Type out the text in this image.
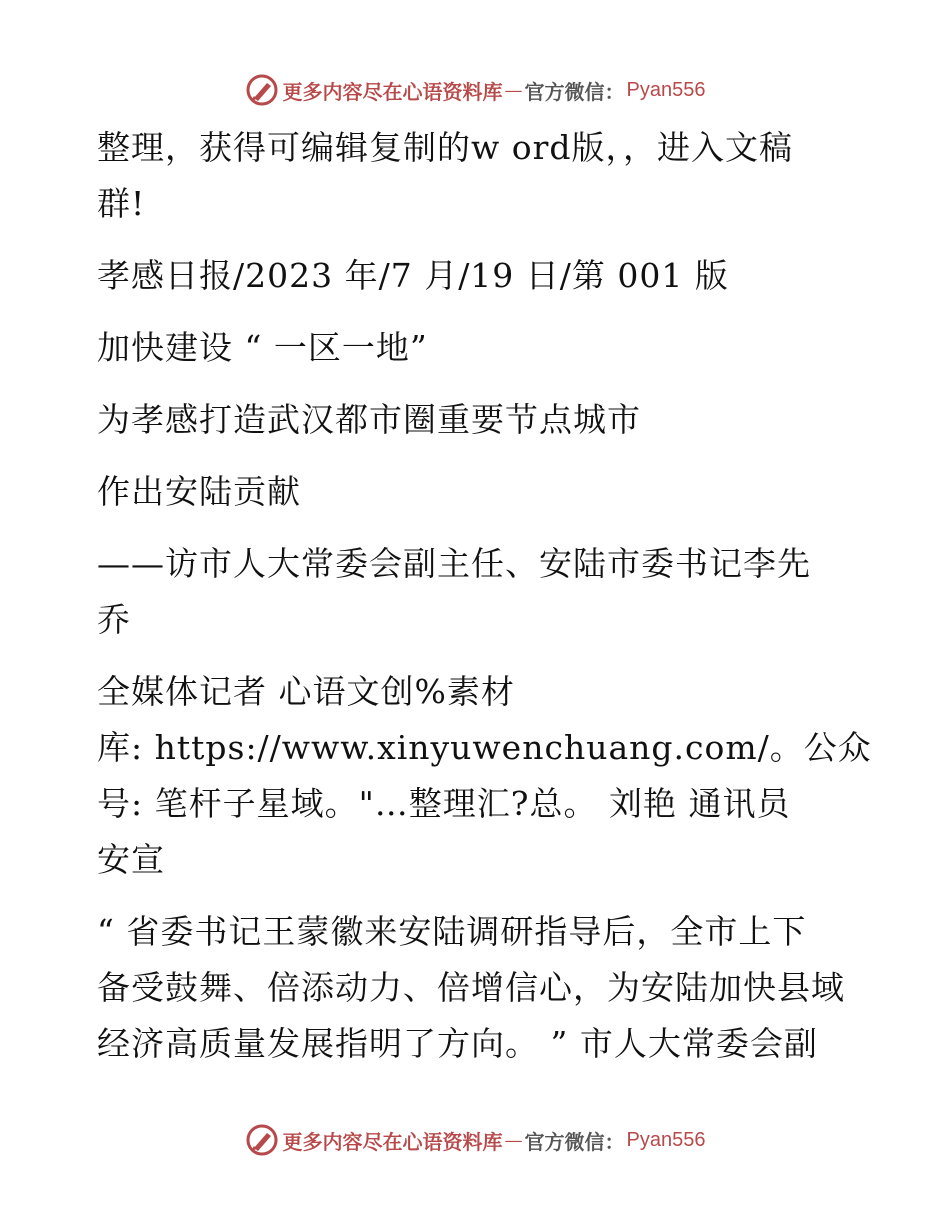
更多内容尽在心语资料库 — 官方微信： Pyan556
整理，获得可编辑复制的w ord版，，进入文稿
群!
孝感日报/2023 年/7 月/19 日/第 001 版
加快建设 “ 一区一地”
为孝感打造武汉都市圈重要节点城市
作出安陆贡献
——访市人大常委会副主任、安陆市委书记李先
乔
全媒体记者 心语文创%素材
库: https://www.xinyuwenchuang.com/。公众
号: 笔杆子星域。"…整理汇?总。 刘艳 通讯员
安宣
“ 省委书记王蒙徽来安陆调研指导后，全市上下
备受鼓舞、倍添动力、倍增信心，为安陆加快县域
经济高质量发展指明了方向。 ” 市人大常委会副
更多内容尽在心语资料库 — 官方微信： Pyan556
